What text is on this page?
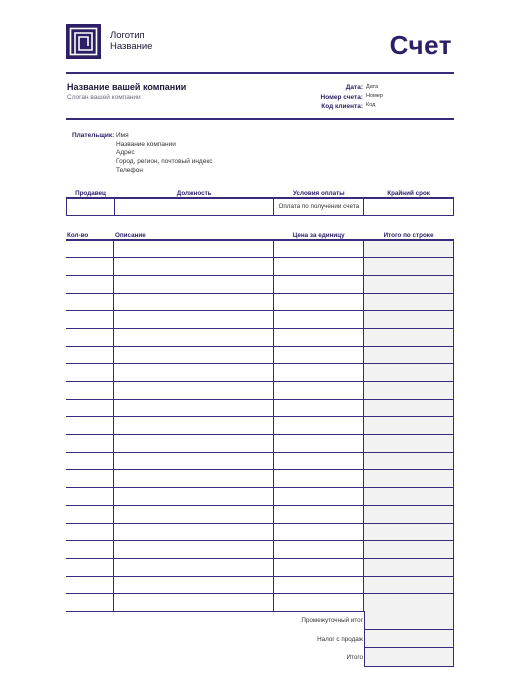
Логотип
Название	Счет
Название вашей компании
Слоган вашей компании
Дата: Дата
Номер счета: Номер
Код клиента: Код
Плательщик: Имя
Название компании
Адрес
Город, регион, почтовый индекс
Телефон
Продавец	Должность	Условия оплаты	Крайний срок
		Оплата по получении счета	
Кол-во	Описание	Цена за единицу	Итого по строке

Промежуточный итог
Налог с продаж
Итого
